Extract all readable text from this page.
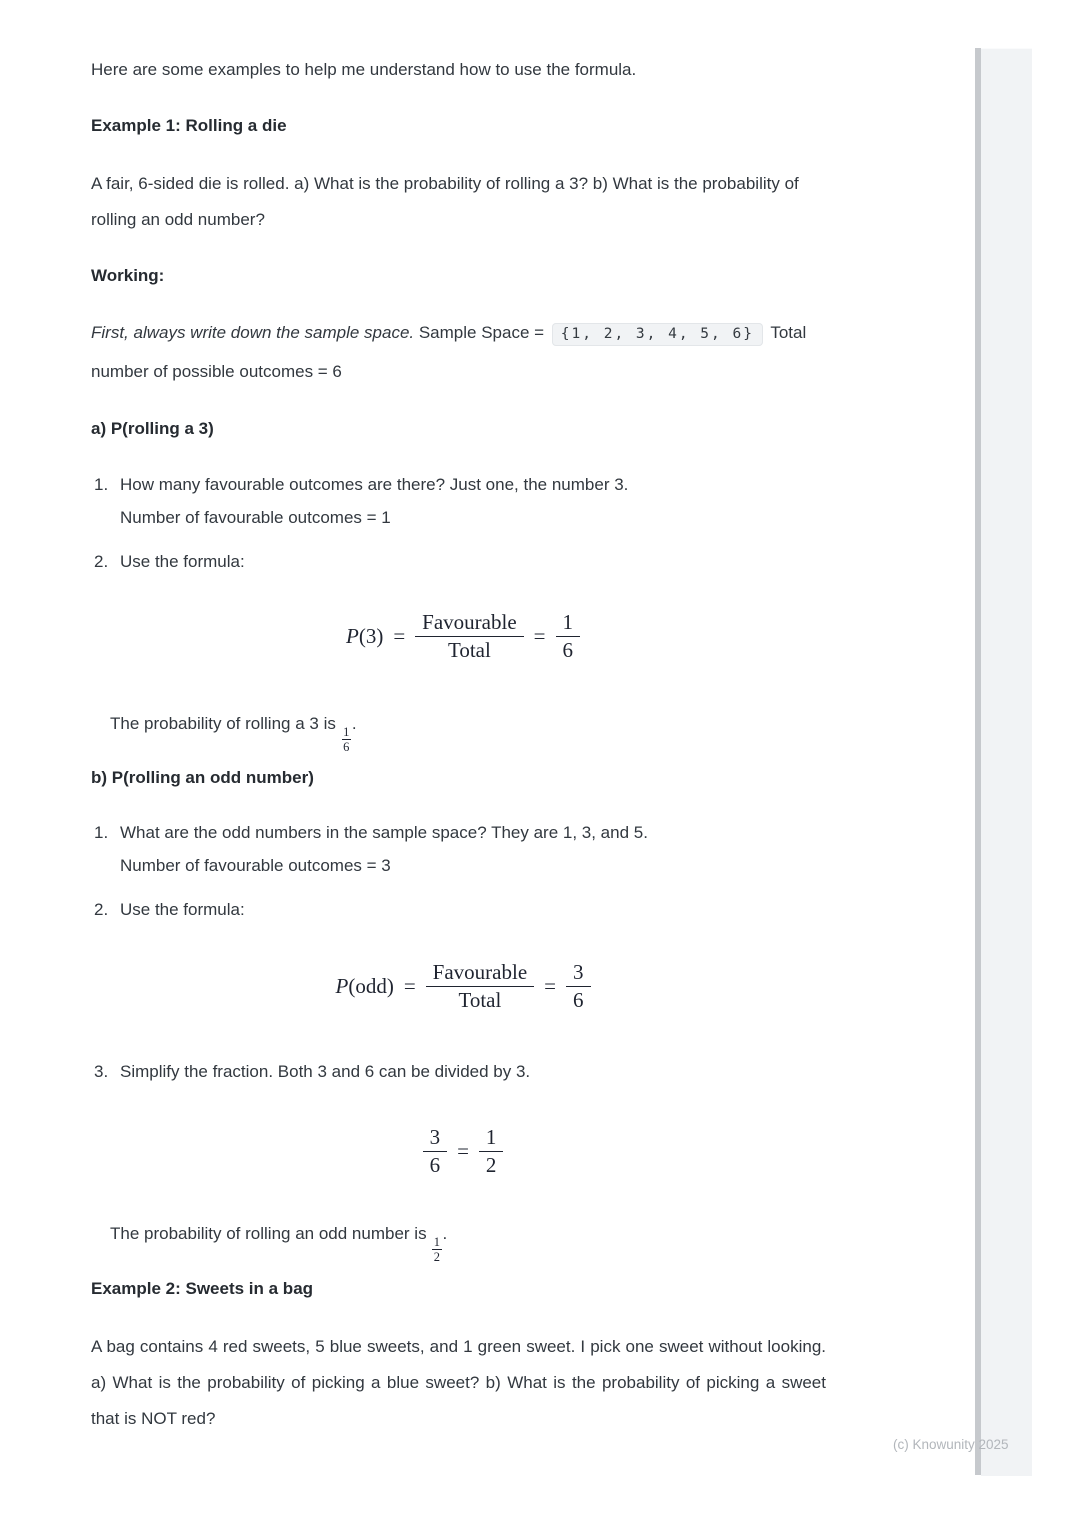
Here are some examples to help me understand how to use the formula.

Example 1: Rolling a die

A fair, 6-sided die is rolled. a) What is the probability of rolling a 3? b) What is the probability of rolling an odd number?

Working:

First, always write down the sample space. Sample Space = {1, 2, 3, 4, 5, 6} Total number of possible outcomes = 6

a) P(rolling a 3)
1. How many favourable outcomes are there? Just one, the number 3.
Number of favourable outcomes = 1
2. Use the formula:
$P(3) = \frac{\text{Favourable}}{\text{Total}} = \frac{1}{6}$

The probability of rolling a 3 is
$\frac{1}{6}$
.

b) P(rolling an odd number)
1. What are the odd numbers in the sample space? They are 1, 3, and 5.
Number of favourable outcomes = 3
2. Use the formula:
$P(odd) = \frac{\text{Favourable}}{\text{Total}} = \frac{3}{6}$
3. Simplify the fraction. Both 3 and 6 can be divided by 3.
$\frac{3}{6} = \frac{1}{2}$

The probability of rolling an odd number is
$\frac{1}{2}$
.

Example 2: Sweets in a bag

A bag contains 4 red sweets, 5 blue sweets, and 1 green sweet. I pick one sweet without looking. a) What is the probability of picking a blue sweet? b) What is the probability of picking a sweet that is NOT red?

(c) Knowunity 2025
